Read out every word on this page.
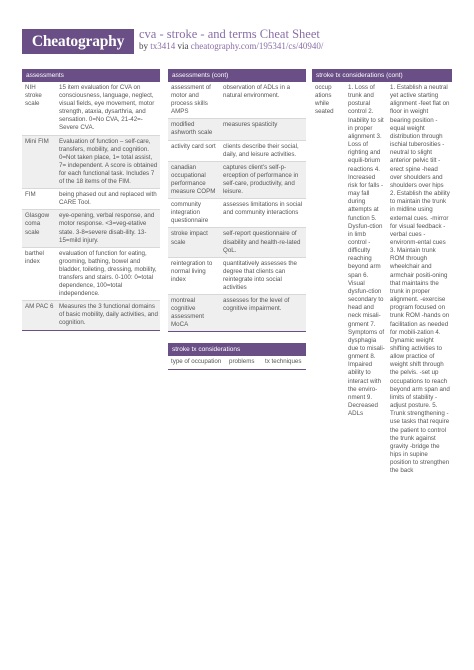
Cheatography	cva - stroke - and terms Cheat Sheet
by tx3414 via cheatography.com/195341/cs/40940/
assessments
NIH stroke scale	15 item evaluation for CVA on consciousness, language, neglect, visual fields, eye movement, motor strength, ataxia, dysarthria, and sensation. 0=No CVA, 21-42=-Severe CVA.
Mini FIM	Evaluation of function – self-care, transfers, mobility, and cognition. 0=Not taken place, 1= total assist, 7= independent. A score is obtained for each functional task. Includes 7 of the 18 items of the FIM.
FIM	being phased out and replaced with CARE Tool.
Glasgow coma scale	eye-opening, verbal response, and motor response. <3=veg-etative state. 3-8=severe disab-ility. 13-15=mild injury.
barthel index	evaluation of function for eating, grooming, bathing, bowel and bladder, toileting, dressing, mobility, transfers and stairs. 0-100: 0=total dependence, 100=total independence.
AM PAC 6	Measures the 3 functional domains of basic mobility, daily activities, and cognition.
assessments (cont)
assessment of motor and process skills AMPS	observation of ADLs in a natural environment.
modified ashworth scale	measures spasticity
activity card sort	clients describe their social, daily, and leisure activities.
canadian occupational performance measure COPM	captures client's self-p-erception of performance in self-care, productivity, and leisure.
community integration questionnaire	assesses limitations in social and community interactions
stroke impact scale	self-report questionnaire of disability and health-re-lated QoL.
reintegration to normal living index	quantitatively assesses the degree that clients can reintegrate into social activities
montreal cognitive assessment MoCA	assesses for the level of cognitive impairment.
stroke tx considerations
type of occupation	problems	tx techniques
stroke tx considerations (cont)
occup ations while seated	1. Loss of trunk and postural control 2. Inability to sit in proper alignment 3. Loss of righting and equili-brium reactions 4. Increased risk for falls -may fall during attempts at function 5. Dysfun-ction in limb control -difficulty reaching beyond arm span 6. Visual dysfun-ction secondary to head and neck misali-gnment 7. Symptoms of dysphagia due to misali-gnment 8. Impaired ability to interact with the enviro-nment 9. Decreased ADLs	1. Establish a neutral yet active starting alignment -feet flat on floor in weight bearing position -equal weight distribution through ischial tuberosities -neutral to slight anterior pelvic tilt -erect spine -head over shoulders and shoulders over hips 2. Establish the ability to maintain the trunk in midline using external cues. -mirror for visual feedback -verbal cues -environm-ental cues 3. Maintain trunk ROM through wheelchair and armchair positi-oning that maintains the trunk in proper alignment. -exercise program focused on trunk ROM -hands on facilitation as needed for mobili-zation 4. Dynamic weight shifting activities to allow practice of weight shift through the pelvis. -set up occupations to reach beyond arm span and limits of stability -adjust posture. 5. Trunk strengthening -use tasks that require the patient to control the trunk against gravity -bridge the hips in supine position to strengthen the back
